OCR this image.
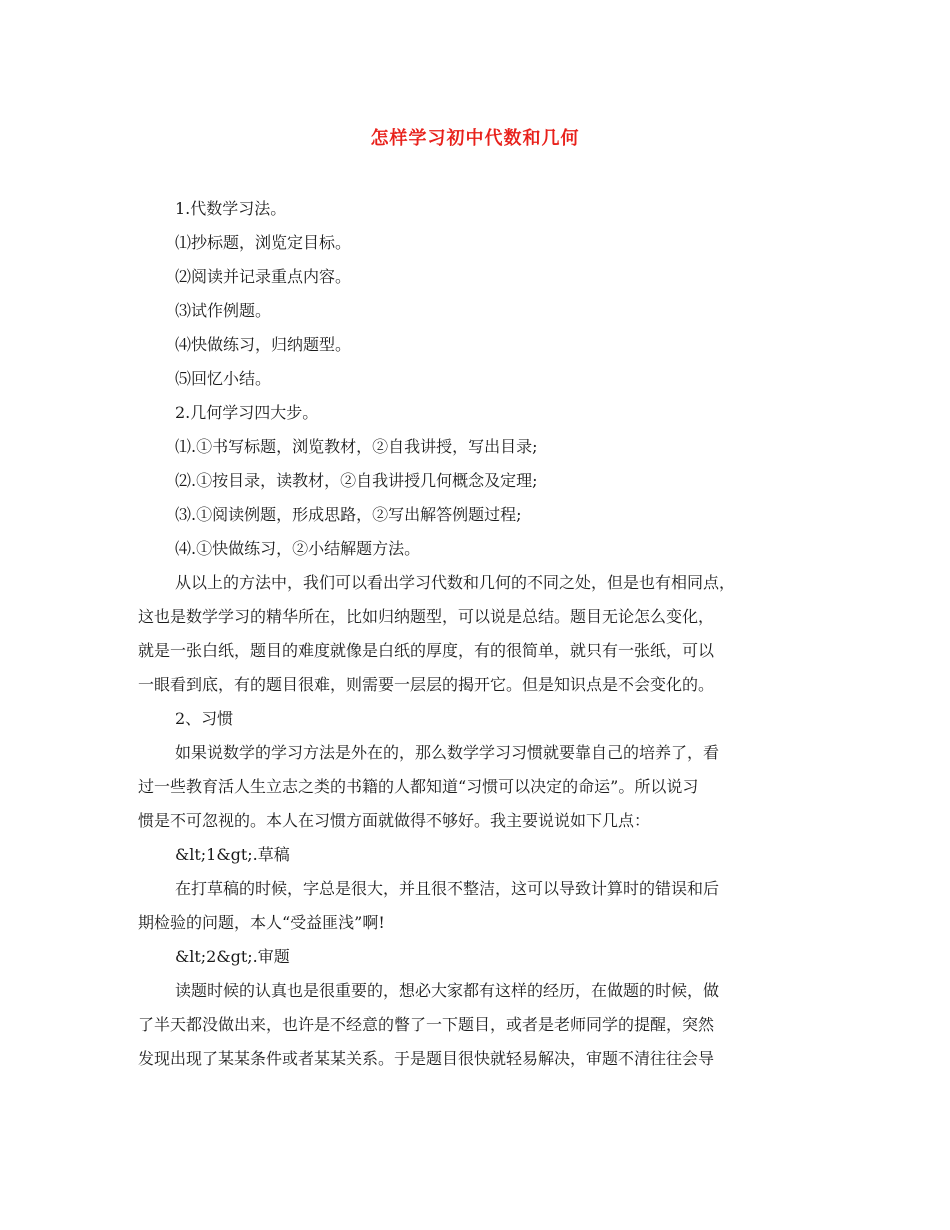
怎样学习初中代数和几何
1.代数学习法。
⑴抄标题，浏览定目标。
⑵阅读并记录重点内容。
⑶试作例题。
⑷快做练习，归纳题型。
⑸回忆小结。
2.几何学习四大步。
⑴.①书写标题，浏览教材，②自我讲授，写出目录;
⑵.①按目录，读教材，②自我讲授几何概念及定理;
⑶.①阅读例题，形成思路，②写出解答例题过程;
⑷.①快做练习，②小结解题方法。
从以上的方法中，我们可以看出学习代数和几何的不同之处，但是也有相同点，
这也是数学学习的精华所在，比如归纳题型，可以说是总结。题目无论怎么变化，
就是一张白纸，题目的难度就像是白纸的厚度，有的很简单，就只有一张纸，可以
一眼看到底，有的题目很难，则需要一层层的揭开它。但是知识点是不会变化的。
2、习惯
如果说数学的学习方法是外在的，那么数学学习习惯就要靠自己的培养了，看
过一些教育活人生立志之类的书籍的人都知道“习惯可以决定的命运”。所以说习
惯是不可忽视的。本人在习惯方面就做得不够好。我主要说说如下几点：
&lt;1&gt;.草稿
在打草稿的时候，字总是很大，并且很不整洁，这可以导致计算时的错误和后
期检验的问题，本人“受益匪浅”啊!
&lt;2&gt;.审题
读题时候的认真也是很重要的，想必大家都有这样的经历，在做题的时候，做
了半天都没做出来，也许是不经意的瞥了一下题目，或者是老师同学的提醒，突然
发现出现了某某条件或者某某关系。于是题目很快就轻易解决，审题不清往往会导
